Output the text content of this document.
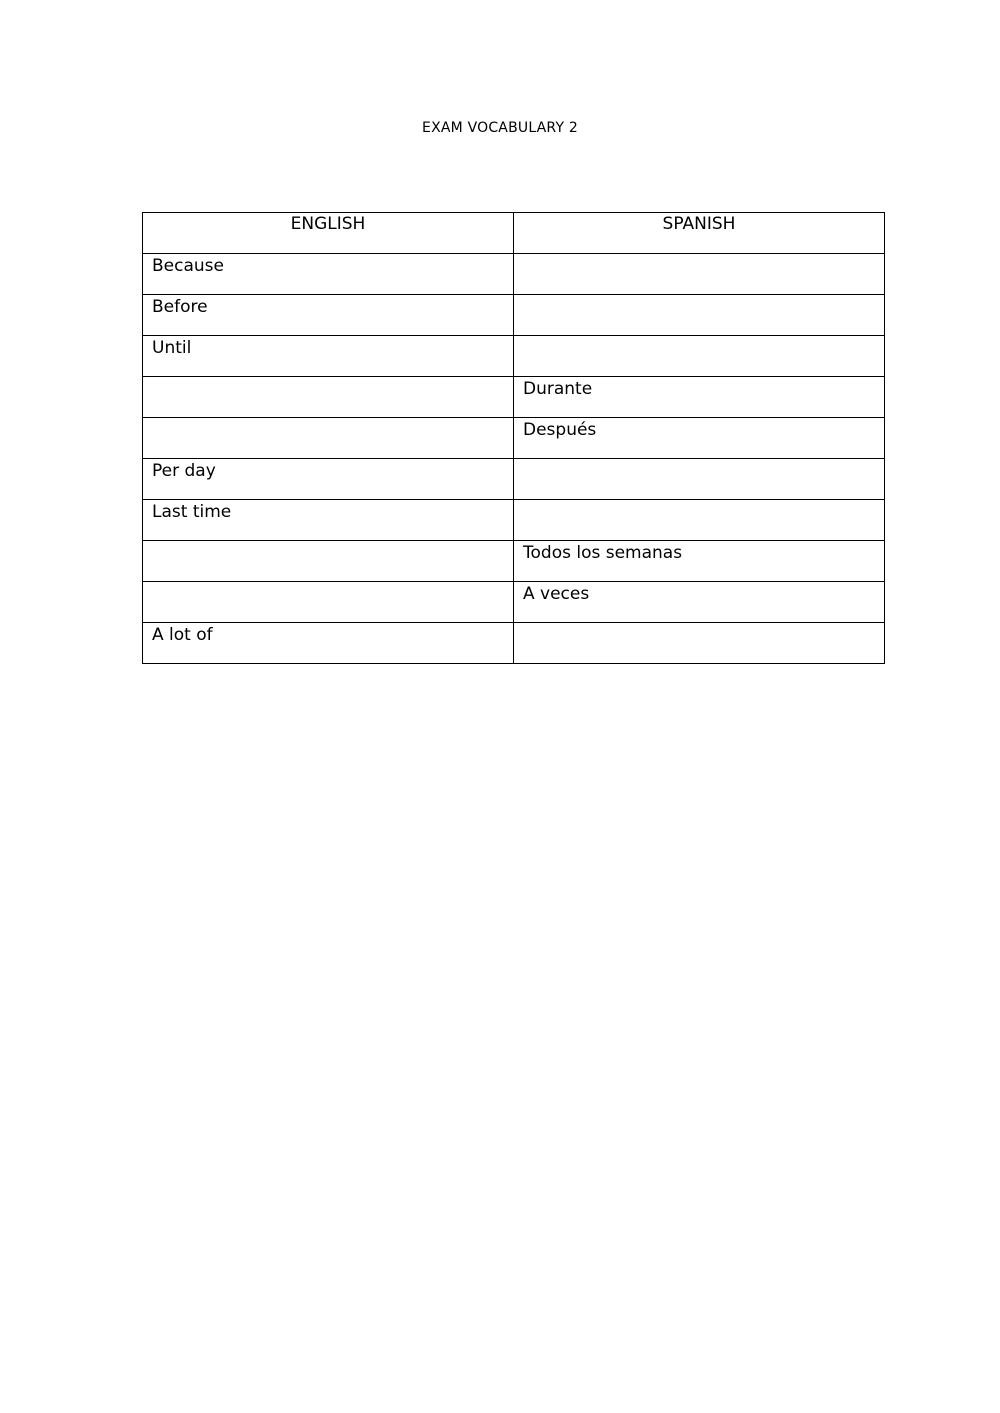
EXAM VOCABULARY 2
ENGLISH	SPANISH
Because	
Before	
Until	
	Durante
	Después
Per day	
Last time	
	Todos los semanas
	A veces
A lot of	
